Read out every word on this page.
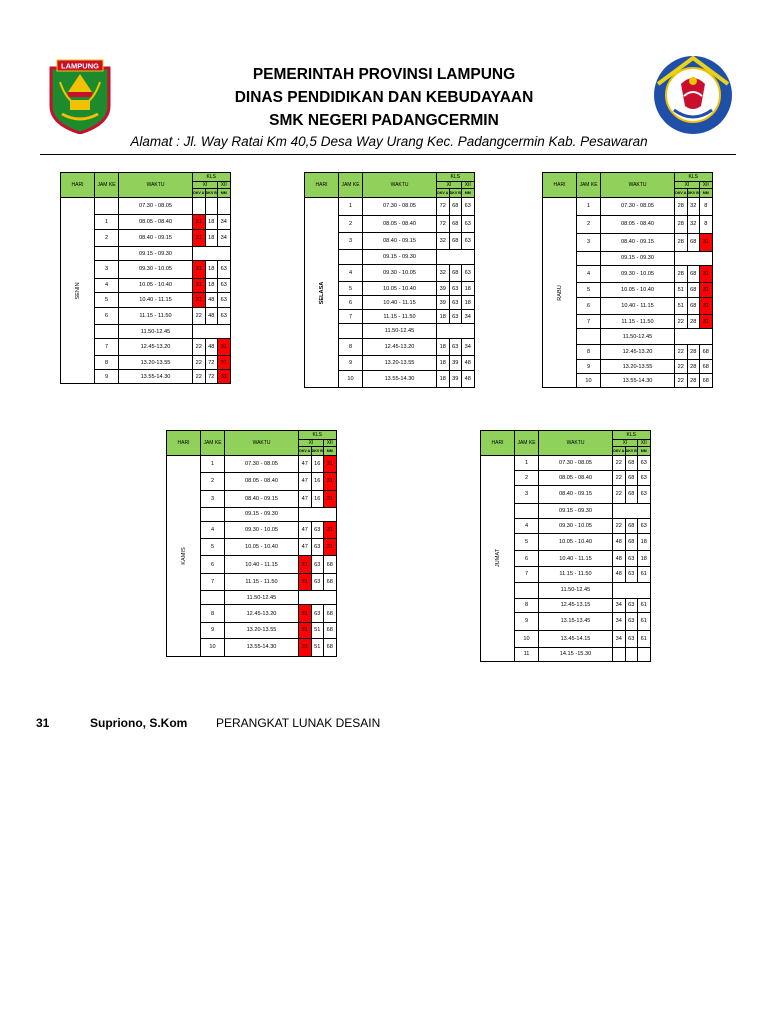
LAMPUNG	PEMERINTAH PROVINSI LAMPUNG
DINAS PENDIDIKAN DAN KEBUDAYAAN
SMK NEGERI PADANGCERMIN
Alamat : Jl. Way Ratai Km 40,5 Desa Way Urang Kec. Padangcermin Kab. Pesawaran
HARI	JAM KE	WAKTU	KLS		
			XI		XII
			DKV A	DKV B	MM

SENIN		07.30 - 08.05			
	1	08.05 - 08.40	31	18	34
	2	08.40 - 09.15	31	18	34
		09.15 - 09.30			
	3	09.30 - 10.05	31	18	63
	4	10.05 - 10.40	31	18	63
	5	10.40 - 11.15	31	48	63
	6	11.15 - 11.50	22	48	63
		11.50-12.45			
	7	12.45-13.20	22	48	31
	8	13.20-13.55	22	72	31
	9	13.55-14.30	22	72	31
HARI	JAM KE	WAKTU	KLS		
			XI		XII
			DKV A	DKV B	MM

SELASA	1	07.30 - 08.05	72	68	63
	2	08.05 - 08.40	72	68	63
	3	08.40 - 09.15	32	68	63
		09.15 - 09.30			
	4	09.30 - 10.05	32	68	63
	5	10.05 - 10.40	39	63	18
	6	10.40 - 11.15	39	63	18
	7	11.15 - 11.50	18	63	34
		11.50-12.45			
	8	12.45-13.20	18	63	34
	9	13.20-13.55	18	39	48
	10	13.55-14.30	18	39	48
HARI	JAM KE	WAKTU	KLS		
			XI		XII
			DKV A	DKV B	MM

RABU	1	07.30 - 08.05	28	32	8
	2	08.05 - 08.40	28	32	8
	3	08.40 - 09.15	28	68	31
		09.15 - 09.30			
	4	09.30 - 10.05	28	68	31
	5	10.05 - 10.40	51	68	31
	6	10.40 - 11.15	51	68	31
	7	11.15 - 11.50	22	28	31
		11.50-12.45			
	8	12.45-13.20	22	28	68
	9	13.20-13.55	22	28	68
	10	13.55-14.30	22	28	68
HARI	JAM KE	WAKTU	KLS		
			XI		XII
			DKV A	DKV B	MM

KAMIS	1	07.30 - 08.05	47	16	31
	2	08.05 - 08.40	47	16	31
	3	08.40 - 09.15	47	16	31
		09.15 - 09.30			
	4	09.30 - 10.05	47	63	31
	5	10.05 - 10.40	47	63	31
	6	10.40 - 11.15	31	63	68
	7	11.15 - 11.50	31	63	68
		11.50-12.45			
	8	12.45-13.20	31	63	68
	9	13.20-13.55	31	51	68
	10	13.55-14.30	31	51	68
HARI	JAM KE	WAKTU	KLS		
			XI		XII
			DKV A	DKV B	MM

JUMAT	1	07.30 - 08.05	22	68	63
	2	08.05 - 08.40	22	68	63
	3	08.40 - 09.15	22	68	63
		09.15 - 09.30			
	4	09.30 - 10.05	22	68	63
	5	10.05 - 10.40	48	68	18
	6	10.40 - 11.15	48	63	18
	7	11.15 - 11.50	48	63	61
		11.50-12.45			
	8	12.45-13.15	34	63	61
	9	13.15-13.45	34	63	61
	10	13.45-14.15	34	63	61
	11	14.15 -15.30			
31	Supriono, S.Kom PERANGKAT LUNAK DESAIN
